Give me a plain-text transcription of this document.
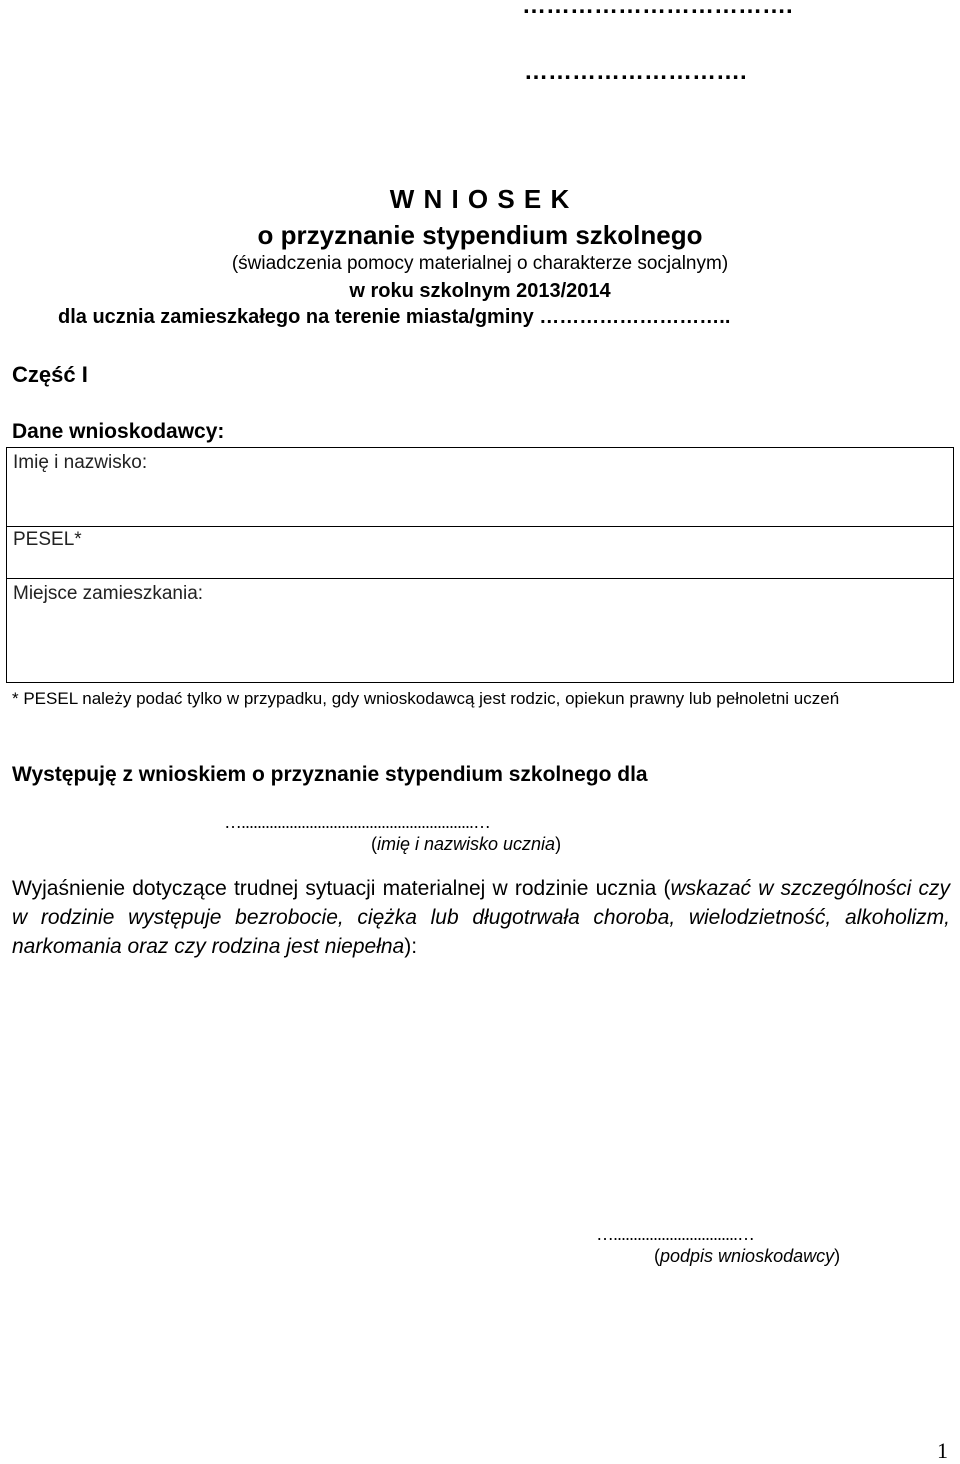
…………………………….
……………………….
W N I O S E K
o przyznanie stypendium szkolnego
(świadczenia pomocy materialnej o charakterze socjalnym)
w roku szkolnym 2013/2014
dla ucznia zamieszkałego na terenie miasta/gminy ………………………..
Część I
Dane wnioskodawcy:
Imię i nazwisko:
PESEL*
Miejsce zamieszkania:
* PESEL należy podać tylko w przypadku, gdy wnioskodawcą jest rodzic, opiekun prawny lub pełnoletni uczeń
Występuję z wnioskiem o przyznanie stypendium szkolnego dla
…..........................................................…
(imię i nazwisko ucznia)
Wyjaśnienie dotyczące trudnej sytuacji materialnej w rodzinie ucznia (wskazać w szczególności czy w rodzinie występuje bezrobocie, ciężka lub długotrwała choroba, wielodzietność, alkoholizm, narkomania oraz czy rodzina jest niepełna):
…...............................…
(podpis wnioskodawcy)
1
